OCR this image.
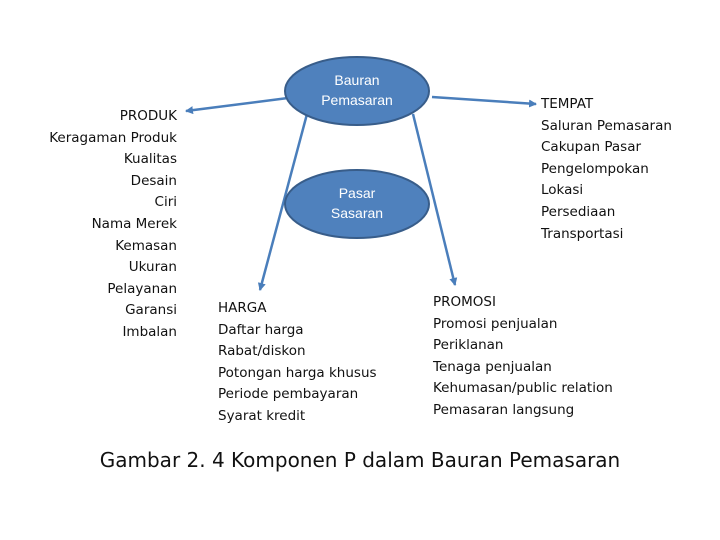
Bauran
Pemasaran
Pasar
Sasaran
PRODUK
Keragaman Produk
Kualitas
Desain
Ciri
Nama Merek
Kemasan
Ukuran
Pelayanan
Garansi
Imbalan
TEMPAT
Saluran Pemasaran
Cakupan Pasar
Pengelompokan
Lokasi
Persediaan
Transportasi
HARGA
Daftar harga
Rabat/diskon
Potongan harga khusus
Periode pembayaran
Syarat kredit
PROMOSI
Promosi penjualan
Periklanan
Tenaga penjualan
Kehumasan/public relation
Pemasaran langsung
Gambar 2. 4 Komponen P dalam Bauran Pemasaran
